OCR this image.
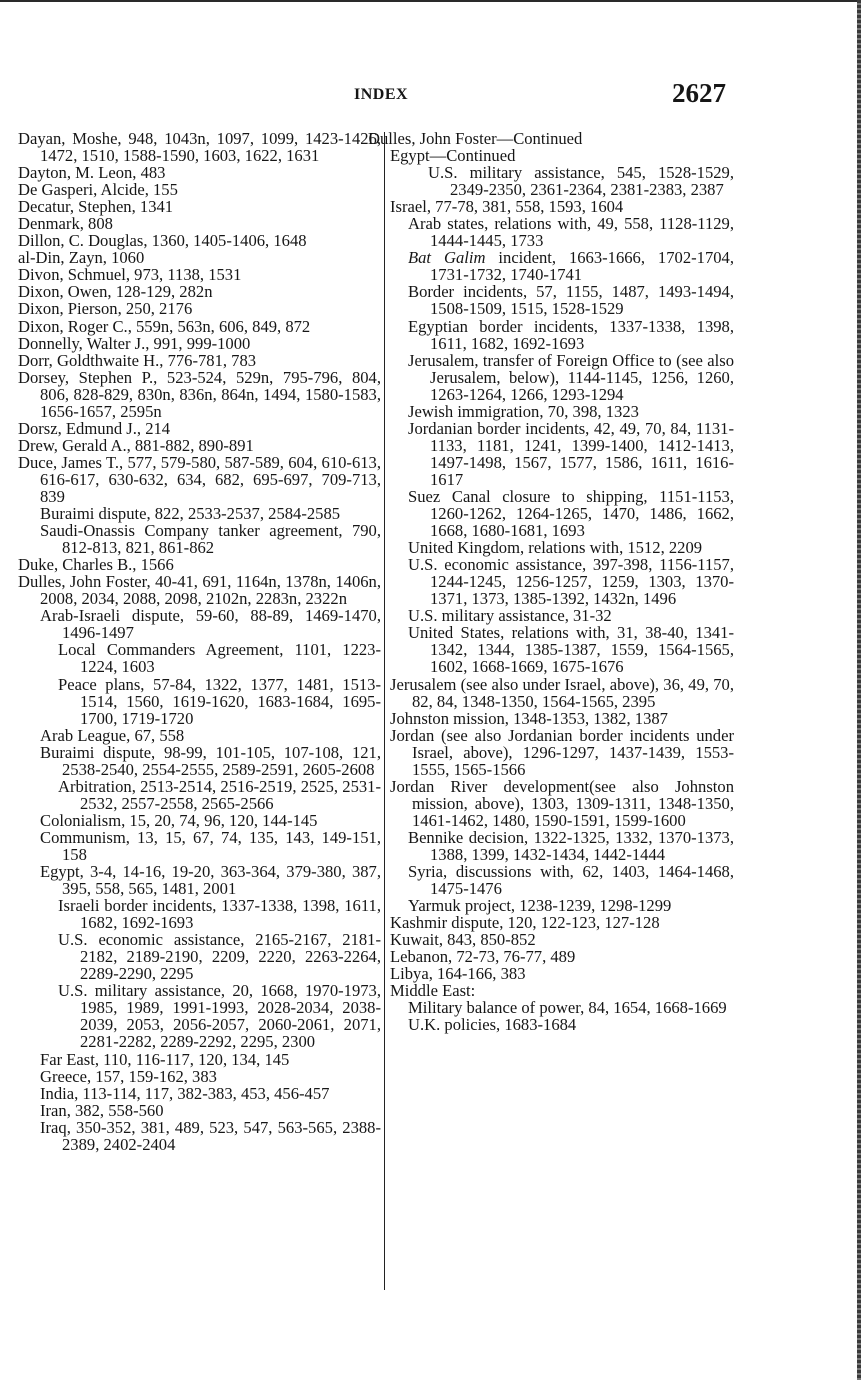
INDEX	2627

Dayan, Moshe, 948, 1043n, 1097, 1099, 1423-1426, 1472, 1510, 1588-1590, 1603, 1622, 1631

Dayton, M. Leon, 483

De Gasperi, Alcide, 155

Decatur, Stephen, 1341

Denmark, 808

Dillon, C. Douglas, 1360, 1405-1406, 1648

al-Din, Zayn, 1060

Divon, Schmuel, 973, 1138, 1531

Dixon, Owen, 128-129, 282n

Dixon, Pierson, 250, 2176

Dixon, Roger C., 559n, 563n, 606, 849, 872

Donnelly, Walter J., 991, 999-1000

Dorr, Goldthwaite H., 776-781, 783

Dorsey, Stephen P., 523-524, 529n, 795-796, 804, 806, 828-829, 830n, 836n, 864n, 1494, 1580-1583, 1656-1657, 2595n

Dorsz, Edmund J., 214

Drew, Gerald A., 881-882, 890-891

Duce, James T., 577, 579-580, 587-589, 604, 610-613, 616-617, 630-632, 634, 682, 695-697, 709-713, 839

Buraimi dispute, 822, 2533-2537, 2584-2585

Saudi-Onassis Company tanker agreement, 790, 812-813, 821, 861-862

Duke, Charles B., 1566

Dulles, John Foster, 40-41, 691, 1164n, 1378n, 1406n, 2008, 2034, 2088, 2098, 2102n, 2283n, 2322n

Arab-Israeli dispute, 59-60, 88-89, 1469-1470, 1496-1497

Local Commanders Agreement, 1101, 1223-1224, 1603

Peace plans, 57-84, 1322, 1377, 1481, 1513-1514, 1560, 1619-1620, 1683-1684, 1695-1700, 1719-1720

Arab League, 67, 558

Buraimi dispute, 98-99, 101-105, 107-108, 121, 2538-2540, 2554-2555, 2589-2591, 2605-2608

Arbitration, 2513-2514, 2516-2519, 2525, 2531-2532, 2557-2558, 2565-2566

Colonialism, 15, 20, 74, 96, 120, 144-145

Communism, 13, 15, 67, 74, 135, 143, 149-151, 158

Egypt, 3-4, 14-16, 19-20, 363-364, 379-380, 387, 395, 558, 565, 1481, 2001

Israeli border incidents, 1337-1338, 1398, 1611, 1682, 1692-1693

U.S. economic assistance, 2165-2167, 2181-2182, 2189-2190, 2209, 2220, 2263-2264, 2289-2290, 2295

U.S. military assistance, 20, 1668, 1970-1973, 1985, 1989, 1991-1993, 2028-2034, 2038-2039, 2053, 2056-2057, 2060-2061, 2071, 2281-2282, 2289-2292, 2295, 2300

Far East, 110, 116-117, 120, 134, 145

Greece, 157, 159-162, 383

India, 113-114, 117, 382-383, 453, 456-457

Iran, 382, 558-560

Iraq, 350-352, 381, 489, 523, 547, 563-565, 2388-2389, 2402-2404

Dulles, John Foster—Continued

Egypt—Continued

U.S. military assistance, 545, 1528-1529, 2349-2350, 2361-2364, 2381-2383, 2387

Israel, 77-78, 381, 558, 1593, 1604

Arab states, relations with, 49, 558, 1128-1129, 1444-1445, 1733

Bat Galim incident, 1663-1666, 1702-1704, 1731-1732, 1740-1741

Border incidents, 57, 1155, 1487, 1493-1494, 1508-1509, 1515, 1528-1529

Egyptian border incidents, 1337-1338, 1398, 1611, 1682, 1692-1693

Jerusalem, transfer of Foreign Office to (see also Jerusalem, below), 1144-1145, 1256, 1260, 1263-1264, 1266, 1293-1294

Jewish immigration, 70, 398, 1323

Jordanian border incidents, 42, 49, 70, 84, 1131-1133, 1181, 1241, 1399-1400, 1412-1413, 1497-1498, 1567, 1577, 1586, 1611, 1616-1617

Suez Canal closure to shipping, 1151-1153, 1260-1262, 1264-1265, 1470, 1486, 1662, 1668, 1680-1681, 1693

United Kingdom, relations with, 1512, 2209

U.S. economic assistance, 397-398, 1156-1157, 1244-1245, 1256-1257, 1259, 1303, 1370-1371, 1373, 1385-1392, 1432n, 1496

U.S. military assistance, 31-32

United States, relations with, 31, 38-40, 1341-1342, 1344, 1385-1387, 1559, 1564-1565, 1602, 1668-1669, 1675-1676

Jerusalem (see also under Israel, above), 36, 49, 70, 82, 84, 1348-1350, 1564-1565, 2395

Johnston mission, 1348-1353, 1382, 1387

Jordan (see also Jordanian border incidents under Israel, above), 1296-1297, 1437-1439, 1553-1555, 1565-1566

Jordan River development(see also Johnston mission, above), 1303, 1309-1311, 1348-1350, 1461-1462, 1480, 1590-1591, 1599-1600

Bennike decision, 1322-1325, 1332, 1370-1373, 1388, 1399, 1432-1434, 1442-1444

Syria, discussions with, 62, 1403, 1464-1468, 1475-1476

Yarmuk project, 1238-1239, 1298-1299

Kashmir dispute, 120, 122-123, 127-128

Kuwait, 843, 850-852

Lebanon, 72-73, 76-77, 489

Libya, 164-166, 383

Middle East:

Military balance of power, 84, 1654, 1668-1669

U.K. policies, 1683-1684
